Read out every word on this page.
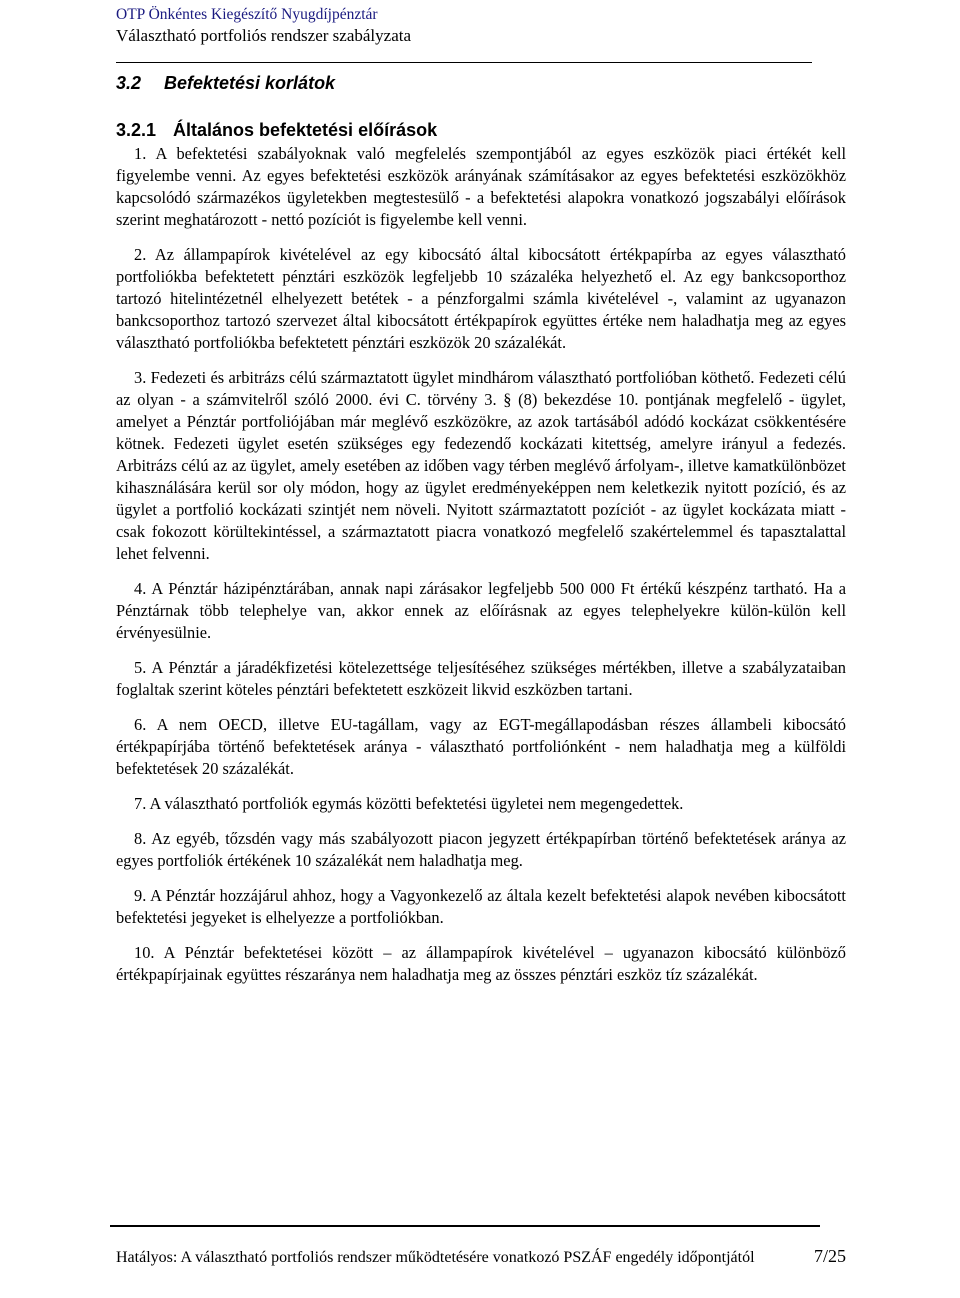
OTP Önkéntes Kiegészítő Nyugdíjpénztár
Választható portfoliós rendszer szabályzata
3.2 Befektetési korlátok
3.2.1 Általános befektetési előírások

1. A befektetési szabályoknak való megfelelés szempontjából az egyes eszközök piaci értékét kell figyelembe venni. Az egyes befektetési eszközök arányának számításakor az egyes befektetési eszközökhöz kapcsolódó származékos ügyletekben megtestesülő - a befektetési alapokra vonatkozó jogszabályi előírások szerint meghatározott - nettó pozíciót is figyelembe kell venni.

2. Az állampapírok kivételével az egy kibocsátó által kibocsátott értékpapírba az egyes választható portfoliókba befektetett pénztári eszközök legfeljebb 10 százaléka helyezhető el. Az egy bankcsoporthoz tartozó hitelintézetnél elhelyezett betétek - a pénzforgalmi számla kivételével -, valamint az ugyanazon bankcsoporthoz tartozó szervezet által kibocsátott értékpapírok együttes értéke nem haladhatja meg az egyes választható portfoliókba befektetett pénztári eszközök 20 százalékát.

3. Fedezeti és arbitrázs célú származtatott ügylet mindhárom választható portfolióban köthető. Fedezeti célú az olyan - a számvitelről szóló 2000. évi C. törvény 3. § (8) bekezdése 10. pontjának megfelelő - ügylet, amelyet a Pénztár portfoliójában már meglévő eszközökre, az azok tartásából adódó kockázat csökkentésére kötnek. Fedezeti ügylet esetén szükséges egy fedezendő kockázati kitettség, amelyre irányul a fedezés. Arbitrázs célú az az ügylet, amely esetében az időben vagy térben meglévő árfolyam-, illetve kamatkülönbözet kihasználására kerül sor oly módon, hogy az ügylet eredményeképpen nem keletkezik nyitott pozíció, és az ügylet a portfolió kockázati szintjét nem növeli. Nyitott származtatott pozíciót - az ügylet kockázata miatt - csak fokozott körültekintéssel, a származtatott piacra vonatkozó megfelelő szakértelemmel és tapasztalattal lehet felvenni.

4. A Pénztár házipénztárában, annak napi zárásakor legfeljebb 500 000 Ft értékű készpénz tartható. Ha a Pénztárnak több telephelye van, akkor ennek az előírásnak az egyes telephelyekre külön-külön kell érvényesülnie.

5. A Pénztár a járadékfizetési kötelezettsége teljesítéséhez szükséges mértékben, illetve a szabályzataiban foglaltak szerint köteles pénztári befektetett eszközeit likvid eszközben tartani.

6. A nem OECD, illetve EU-tagállam, vagy az EGT-megállapodásban részes állambeli kibocsátó értékpapírjába történő befektetések aránya - választható portfoliónként - nem haladhatja meg a külföldi befektetések 20 százalékát.

7. A választható portfoliók egymás közötti befektetési ügyletei nem megengedettek.

8. Az egyéb, tőzsdén vagy más szabályozott piacon jegyzett értékpapírban történő befektetések aránya az egyes portfoliók értékének 10 százalékát nem haladhatja meg.

9. A Pénztár hozzájárul ahhoz, hogy a Vagyonkezelő az általa kezelt befektetési alapok nevében kibocsátott befektetési jegyeket is elhelyezze a portfoliókban.

10. A Pénztár befektetései között – az állampapírok kivételével – ugyanazon kibocsátó különböző értékpapírjainak együttes részaránya nem haladhatja meg az összes pénztári eszköz tíz százalékát.

Hatályos: A választható portfoliós rendszer működtetésére vonatkozó PSZÁF engedély időpontjától	7/25
